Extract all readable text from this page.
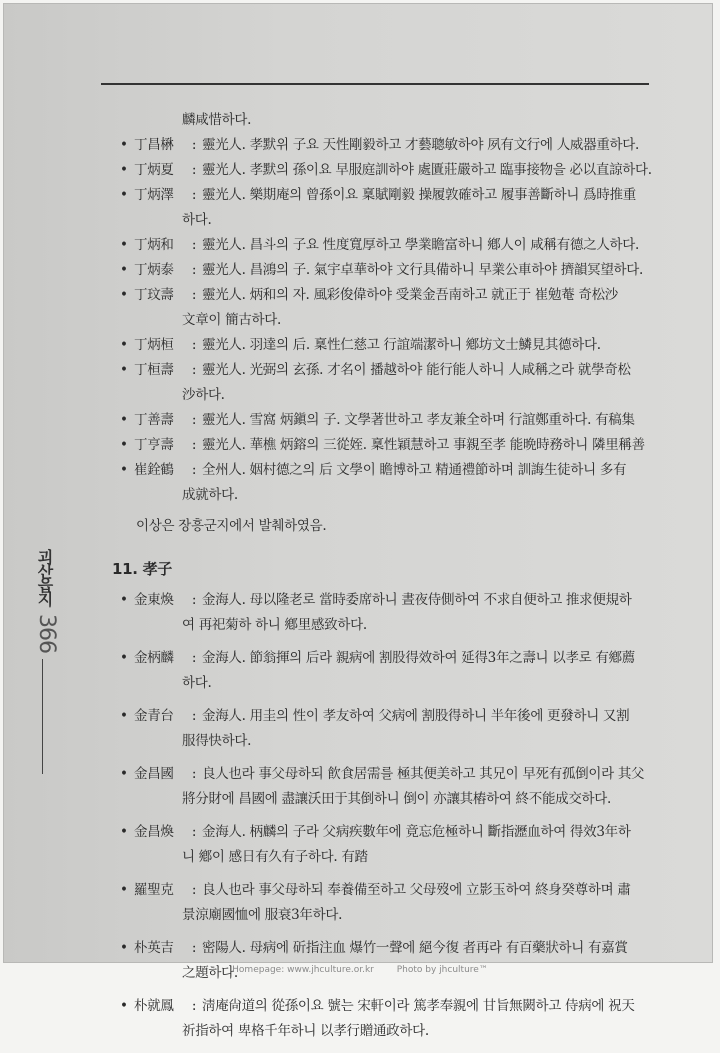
괴산읍지
366
麟咸惜하다.
• 丁昌楙	: 靈光人. 孝默위 子요 天性剛毅하고 才藝聰敏하야 夙有文行에 人威器重하다.
• 丁炳夏	: 靈光人. 孝默의 孫이요 早服庭訓하야 處匱莊嚴하고 臨事接物을 必以直諒하다.
• 丁炳澤	: 靈光人. 樂期庵의 曾孫이요 稟賦剛毅 操履敦確하고 履事善斷하니 爲時推重
하다.
• 丁炳和	: 靈光人. 昌斗의 子요 性度寬厚하고 學業瞻富하니 鄕人이 咸稱有德之人하다.
• 丁炳泰	: 靈光人. 昌鴻의 子. 氣宇卓華하야 文行具備하니 早業公車하야 擠韻冥望하다.
• 丁玟壽	: 靈光人. 炳和의 자. 風彩俊偉하야 受業金吾南하고 就正于 崔勉菴 奇松沙
文章이 簡古하다.
• 丁炳桓	: 靈光人. 羽達의 后. 稟性仁慈고 行誼端潔하니 鄕坊文士鱗見其德하다.
• 丁桓壽	: 靈光人. 光弼의 玄孫. 才名이 播越하야 能行能人하니 人咸稱之라 就學奇松
沙하다.
• 丁善壽	: 靈光人. 雪窩 炳鎭의 子. 文學著世하고 孝友兼全하며 行誼鄭重하다. 有稿集
• 丁亨壽	: 靈光人. 華樵 炳鎔의 三從姪. 稟性穎慧하고 事親至孝 能晩時務하니 隣里稱善
• 崔銓鶴	: 全州人. 姻村德之의 后 文學이 瞻博하고 精通禮節하며 訓誨生徒하니 多有
成就하다.
이상은 장흥군지에서 발췌하였음.
11. 孝子
• 金東煥	: 金海人. 母以隆老로 當時委席하니 晝夜侍側하여 不求自便하고 推求便規하
여 再祀菊하 하니 鄕里感致하다.
• 金柄麟	: 金海人. 節翁揮의 后라 親病에 割股得效하여 延得3年之壽니 以孝로 有鄕薦
하다.
• 金青台	: 金海人. 用圭의 性이 孝友하여 父病에 割股得하니 半年後에 更發하니 又割
服得快하다.
• 金昌國	: 良人也라 事父母하되 飮食居需를 極其便美하고 其兄이 早死有孤倒이라 其父
將分財에 昌國에 盡讓沃田于其倒하니 倒이 亦讓其樁하여 終不能成交하다.
• 金昌煥	: 金海人. 柄麟의 子라 父病疾數年에 竟忘危極하니 斷指瀝血하여 得效3年하
니 鄕이 感日有久有子하다. 有踏
• 羅聖克	: 良人也라 事父母하되 奉養備至하고 父母歿에 立影玉하여 終身癸尊하며 肅
景涼廟國恤에 服衰3年하다.
• 朴英吉	: 密陽人. 母病에 斫指注血 爆竹一聲에 絕今復 者再라 有百藥狀하니 有嘉賞
之題하다.
• 朴就鳳	: 淸庵尙道의 從孫이요 號는 宋軒이라 篤孝奉親에 甘旨無闕하고 侍病에 祝天
祈指하여 卑格千年하니 以孝行贈通政하다.
Homepage: www.jhculture.or.kr	Photo by jhculture™
